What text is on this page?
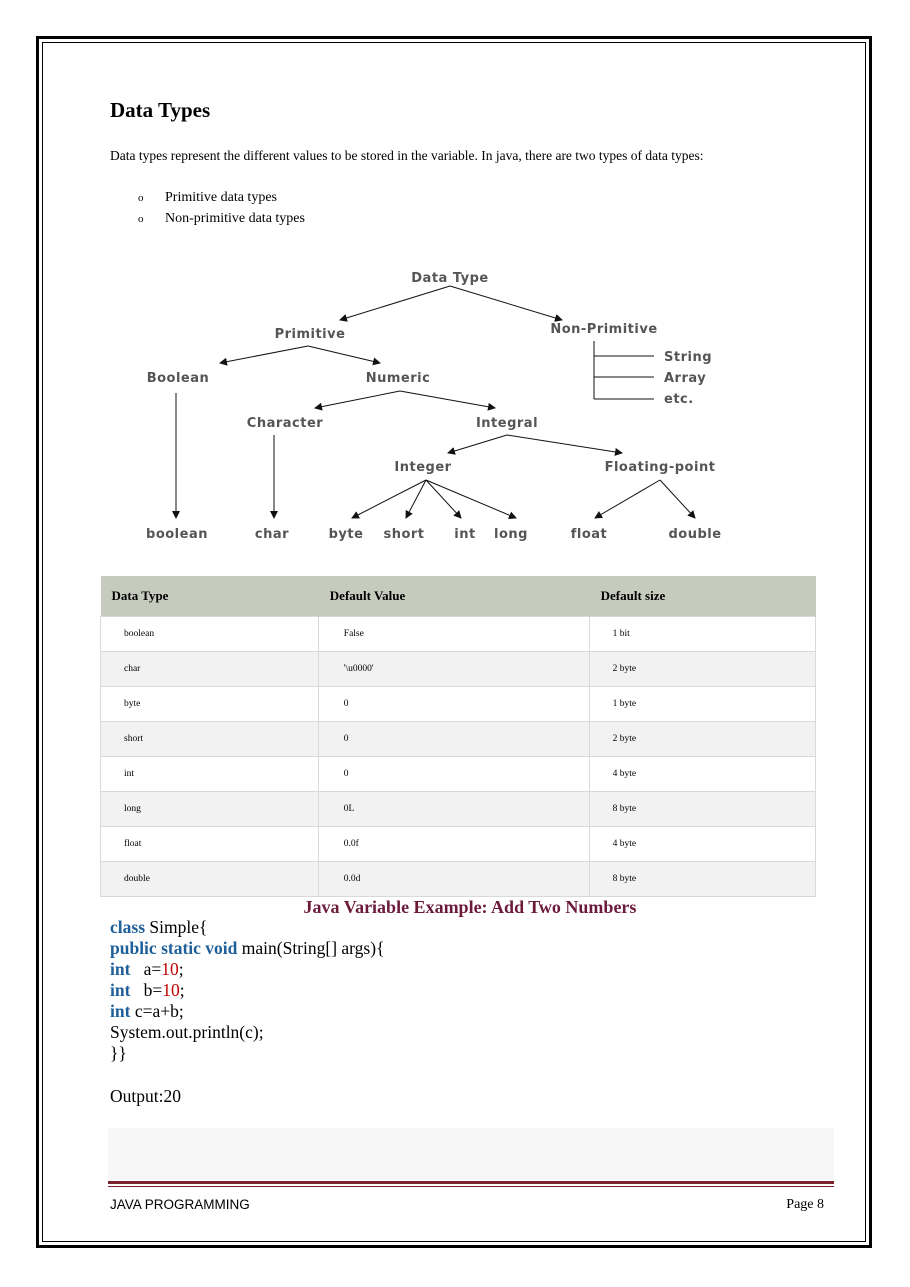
Data Types

Data types represent the different values to be stored in the variable. In java, there are two types of data types:

o	Primitive data types
o	Non-primitive data types
Data Type
Primitive	Non-Primitive
String
Array
etc.
Boolean	Numeric
Character	Integral
Integer	Floating-point
boolean	char	byte short int long	float	double
Data Type	Default Value	Default size
boolean	False	1 bit
char	'\u0000'	2 byte
byte	0	1 byte
short	0	2 byte
int	0	4 byte
long	0L	8 byte
float	0.0f	4 byte
double	0.0d	8 byte
Java Variable Example: Add Two Numbers
class Simple{
public static void main(String[] args){
int   a=10;
int   b=10;
int c=a+b;
System.out.println(c);
}}

Output:20

JAVA PROGRAMMING	Page 8
